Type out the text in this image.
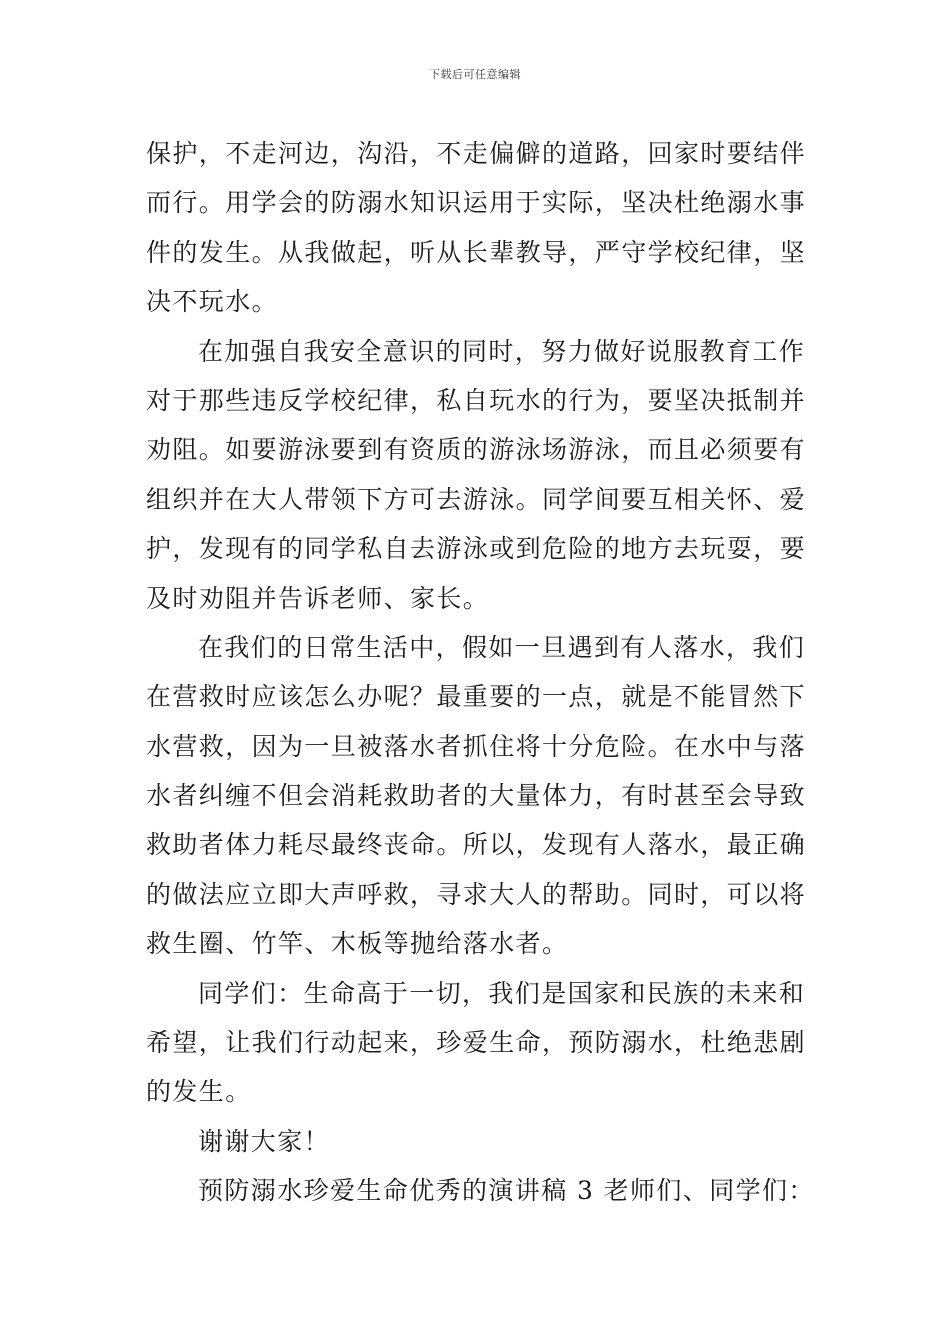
下载后可任意编辑
保护，不走河边，沟沿，不走偏僻的道路，回家时要结伴
而行。用学会的防溺水知识运用于实际，坚决杜绝溺水事
件的发生。从我做起，听从长辈教导，严守学校纪律，坚
决不玩水。
在加强自我安全意识的同时，努力做好说服教育工作
对于那些违反学校纪律，私自玩水的行为，要坚决抵制并
劝阻。如要游泳要到有资质的游泳场游泳，而且必须要有
组织并在大人带领下方可去游泳。同学间要互相关怀、爱
护，发现有的同学私自去游泳或到危险的地方去玩耍，要
及时劝阻并告诉老师、家长。
在我们的日常生活中，假如一旦遇到有人落水，我们
在营救时应该怎么办呢？最重要的一点，就是不能冒然下
水营救，因为一旦被落水者抓住将十分危险。在水中与落
水者纠缠不但会消耗救助者的大量体力，有时甚至会导致
救助者体力耗尽最终丧命。所以，发现有人落水，最正确
的做法应立即大声呼救，寻求大人的帮助。同时，可以将
救生圈、竹竿、木板等抛给落水者。
同学们：生命高于一切，我们是国家和民族的未来和
希望，让我们行动起来，珍爱生命，预防溺水，杜绝悲剧
的发生。
谢谢大家！
预防溺水珍爱生命优秀的演讲稿 3 老师们、同学们：
